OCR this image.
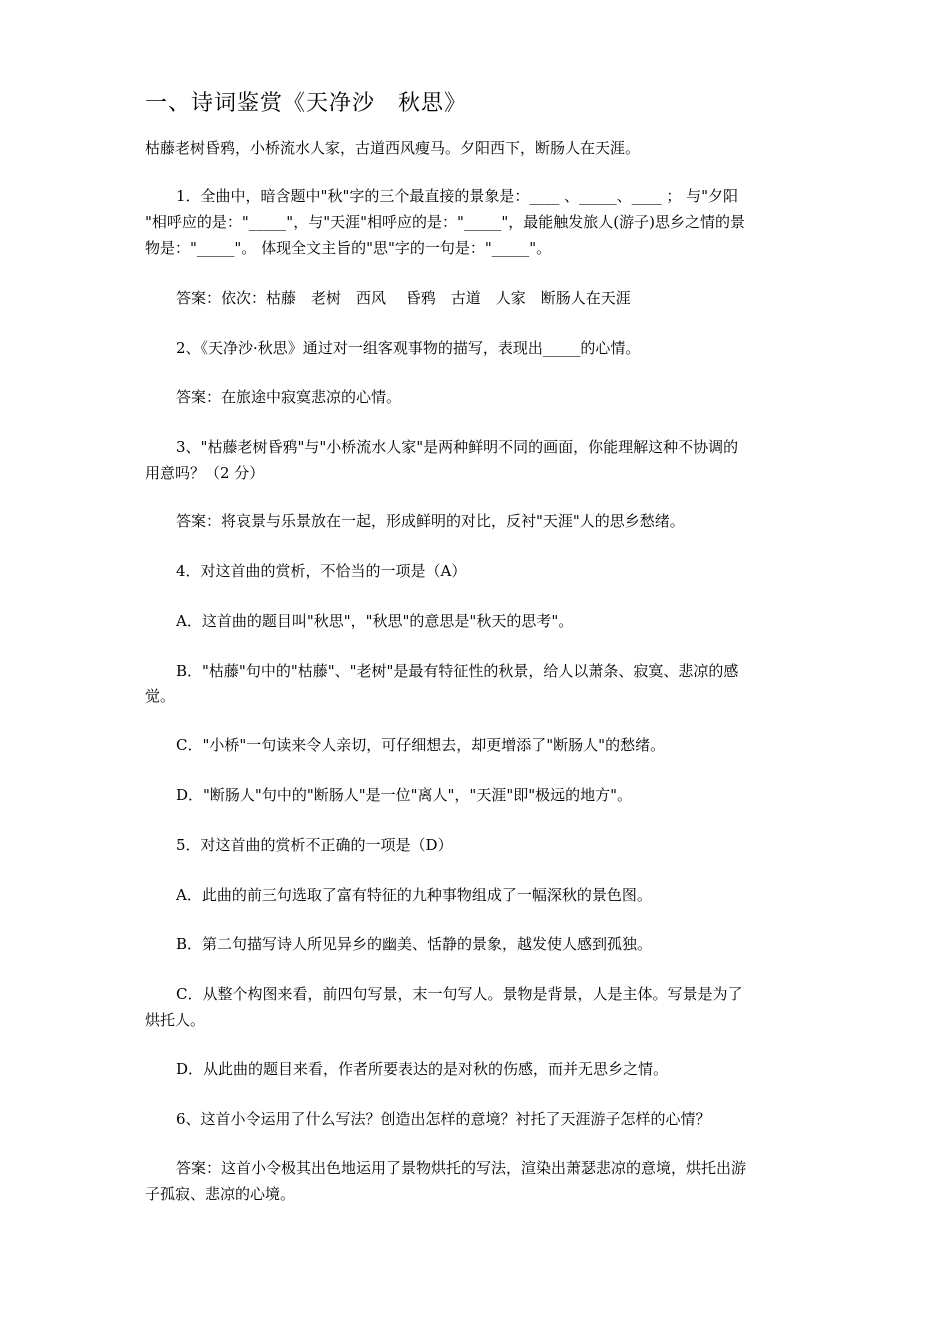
一、诗词鉴赏《天净沙　秋思》
枯藤老树昏鸦，小桥流水人家，古道西风瘦马。夕阳西下，断肠人在天涯。
1．全曲中，暗含题中"秋"字的三个最直接的景象是：____ 、_____、____ ； 与"夕阳
"相呼应的是："_____"，与"天涯"相呼应的是："_____"，最能触发旅人(游子)思乡之情的景
物是："_____"。 体现全文主旨的"思"字的一句是："_____"。
答案：依次：枯藤　老树　西风　 昏鸦　古道　人家　断肠人在天涯
2、《天净沙·秋思》通过对一组客观事物的描写，表现出_____的心情。
答案：在旅途中寂寞悲凉的心情。
3、"枯藤老树昏鸦"与"小桥流水人家"是两种鲜明不同的画面，你能理解这种不协调的
用意吗？（2 分）
答案：将哀景与乐景放在一起，形成鲜明的对比，反衬"天涯"人的思乡愁绪。
4．对这首曲的赏析，不恰当的一项是（A）
A．这首曲的题目叫"秋思"，"秋思"的意思是"秋天的思考"。
B．"枯藤"句中的"枯藤"、"老树"是最有特征性的秋景，给人以萧条、寂寞、悲凉的感
觉。
C．"小桥"一句读来令人亲切，可仔细想去，却更增添了"断肠人"的愁绪。
D．"断肠人"句中的"断肠人"是一位"离人"，"天涯"即"极远的地方"。
5．对这首曲的赏析不正确的一项是（D）
A．此曲的前三句选取了富有特征的九种事物组成了一幅深秋的景色图。
B．第二句描写诗人所见异乡的幽美、恬静的景象，越发使人感到孤独。
C．从整个构图来看，前四句写景，末一句写人。景物是背景，人是主体。写景是为了
烘托人。
D．从此曲的题目来看，作者所要表达的是对秋的伤感，而并无思乡之情。
6、这首小令运用了什么写法？创造出怎样的意境？衬托了天涯游子怎样的心情？
答案：这首小令极其出色地运用了景物烘托的写法，渲染出萧瑟悲凉的意境，烘托出游
子孤寂、悲凉的心境。
